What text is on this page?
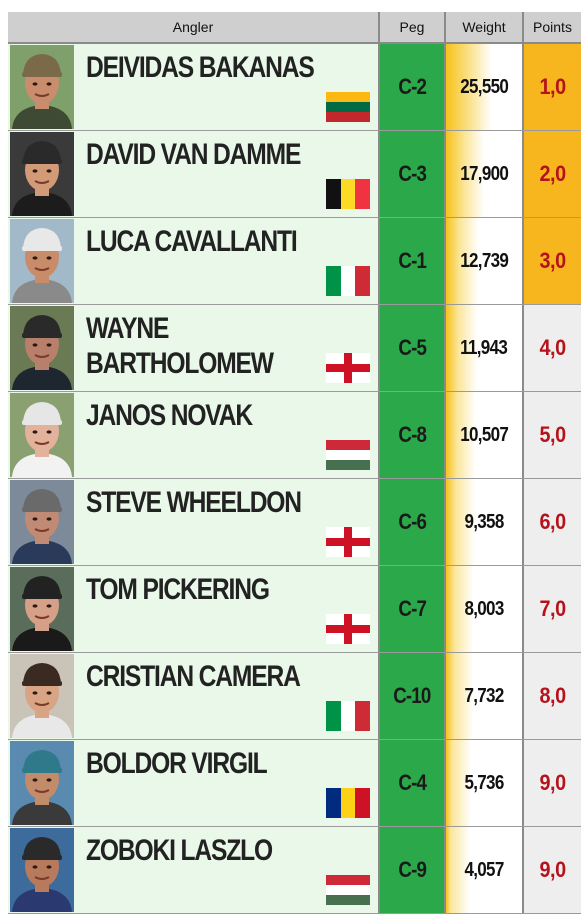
Angler	Peg	Weight	Points
DEIVIDAS BAKANAS
C-2 25,550 1,0
DAVID VAN DAMME
C-3 17,900 2,0
LUCA CAVALLANTI
C-1 12,739 3,0
WAYNE
BARTHOLOMEW	C-5 11,943 4,0
JANOS NOVAK
C-8 10,507 5,0
STEVE WHEELDON
C-6 9,358 6,0
TOM PICKERING
C-7 8,003 7,0
CRISTIAN CAMERA
C-10 7,732 8,0
BOLDOR VIRGIL
C-4 5,736 9,0
ZOBOKI LASZLO
C-9 4,057 9,0
